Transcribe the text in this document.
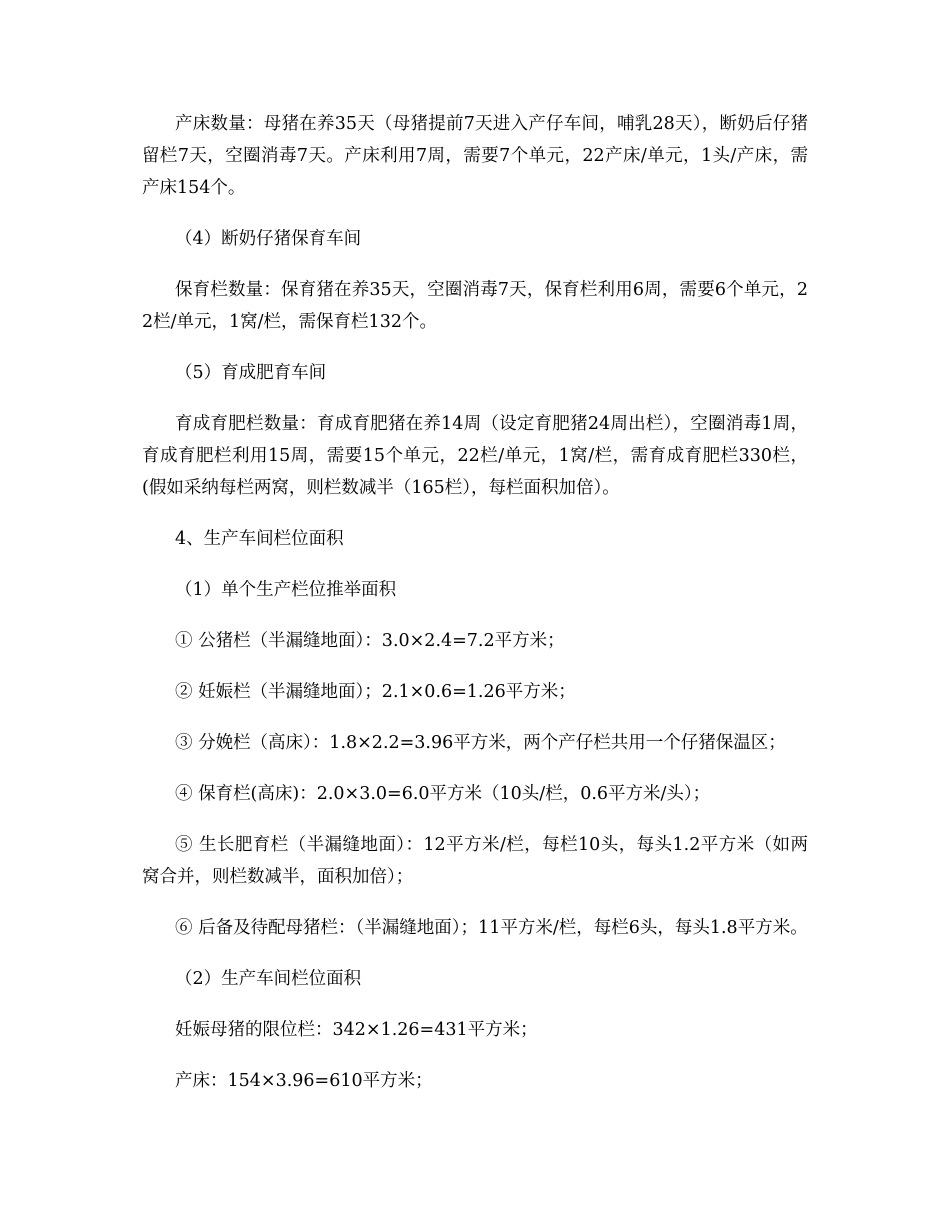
产床数量：母猪在养35天（母猪提前7天进入产仔车间，哺乳28天），断奶后仔猪留栏7天，空圈消毒7天。产床利用7周，需要7个单元，22产床/单元，1头/产床，需产床154个。

（4）断奶仔猪保育车间

保育栏数量：保育猪在养35天，空圈消毒7天，保育栏利用6周，需要6个单元，22栏/单元，1窝/栏，需保育栏132个。

（5）育成肥育车间

育成育肥栏数量：育成育肥猪在养14周（设定育肥猪24周出栏），空圈消毒1周，育成育肥栏利用15周，需要15个单元，22栏/单元，1窝/栏，需育成育肥栏330栏，(假如采纳每栏两窝，则栏数减半（165栏），每栏面积加倍）。

4、生产车间栏位面积

（1）单个生产栏位推举面积

① 公猪栏（半漏缝地面）：3.0×2.4=7.2平方米；

② 妊娠栏（半漏缝地面）；2.1×0.6=1.26平方米；

③ 分娩栏（高床）：1.8×2.2=3.96平方米，两个产仔栏共用一个仔猪保温区；

④ 保育栏(高床)：2.0×3.0=6.0平方米（10头/栏，0.6平方米/头）；

⑤ 生长肥育栏（半漏缝地面）：12平方米/栏，每栏10头，每头1.2平方米（如两窝合并，则栏数减半，面积加倍）；

⑥ 后备及待配母猪栏：（半漏缝地面）；11平方米/栏，每栏6头，每头1.8平方米。

（2）生产车间栏位面积

妊娠母猪的限位栏：342×1.26=431平方米；

产床：154×3.96=610平方米；
